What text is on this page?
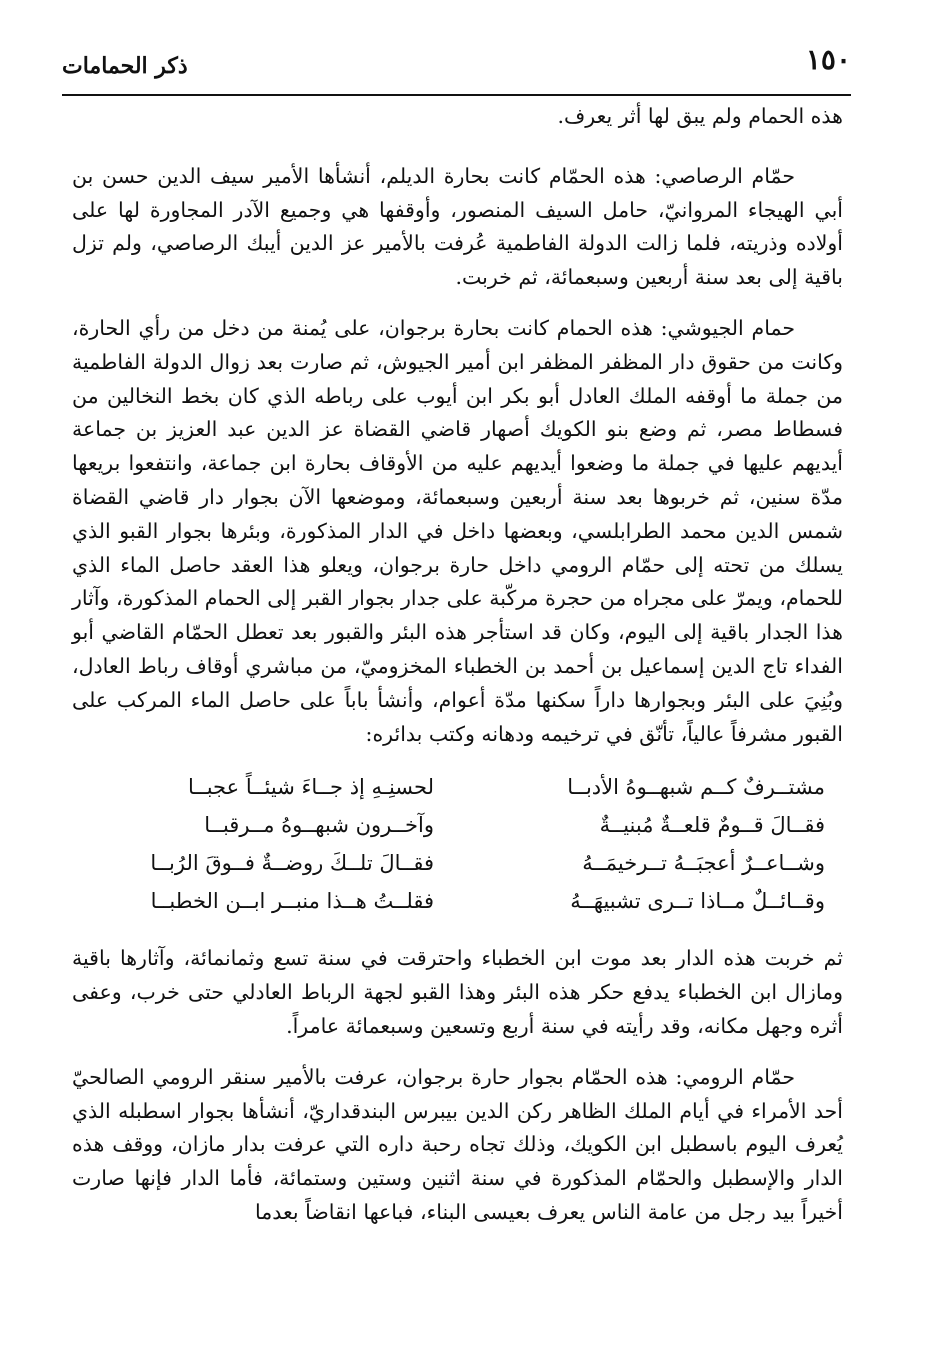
١٥٠
ذكر الحمامات

هذه الحمام ولم يبق لها أثر يعرف.

حمّام الرصاصي: هذه الحمّام كانت بحارة الديلم، أنشأها الأمير سيف الدين حسن بن أبي الهيجاء المروانيّ، حامل السيف المنصور، وأوقفها هي وجميع الآدر المجاورة لها على أولاده وذريته، فلما زالت الدولة الفاطمية عُرفت بالأمير عز الدين أيبك الرصاصي، ولم تزل باقية إلى بعد سنة أربعين وسبعمائة، ثم خربت.

حمام الجيوشي: هذه الحمام كانت بحارة برجوان، على يُمنة من دخل من رأي الحارة، وكانت من حقوق دار المظفر المظفر ابن أمير الجيوش، ثم صارت بعد زوال الدولة الفاطمية من جملة ما أوقفه الملك العادل أبو بكر ابن أيوب على رباطه الذي كان بخط النخالين من فسطاط مصر، ثم وضع بنو الكويك أصهار قاضي القضاة عز الدين عبد العزيز بن جماعة أيديهم عليها في جملة ما وضعوا أيديهم عليه من الأوقاف بحارة ابن جماعة، وانتفعوا بريعها مدّة سنين، ثم خربوها بعد سنة أربعين وسبعمائة، وموضعها الآن بجوار دار قاضي القضاة شمس الدين محمد الطرابلسي، وبعضها داخل في الدار المذكورة، وبئرها بجوار القبو الذي يسلك من تحته إلى حمّام الرومي داخل حارة برجوان، ويعلو هذا العقد حاصل الماء الذي للحمام، ويمرّ على مجراه من حجرة مركّبة على جدار بجوار القبر إلى الحمام المذكورة، وآثار هذا الجدار باقية إلى اليوم، وكان قد استأجر هذه البئر والقبور بعد تعطل الحمّام القاضي أبو الفداء تاج الدين إسماعيل بن أحمد بن الخطباء المخزوميّ، من مباشري أوقاف رباط العادل، وبُنِيَ على البئر وبجوارها داراً سكنها مدّة أعوام، وأنشأ باباً على حاصل الماء المركب على القبور مشرفاً عالياً، تأنّق في ترخيمه ودهانه وكتب بدائره:

مشتــرفٌ كــم شبهــوهُ الأدبــا
لحسنِـهِ إذ جــاءَ شيئــاً عجبــا
فقــالَ قــومٌ قلعــةٌ مُبنيــةٌ
وآخــرون شبهــوهُ مــرقبــا
وشــاعــرٌ أعجبَــهُ تــرخيمَــهُ
فقــالَ تلــكَ روضــةٌ فــوقَ الرُبــا
وقــائــلٌ مــاذا تــرى تشبيهَــهُ
فقلــتُ هــذا منبــر ابــن الخطبــا

ثم خربت هذه الدار بعد موت ابن الخطباء واحترقت في سنة تسع وثمانمائة، وآثارها باقية ومازال ابن الخطباء يدفع حكر هذه البئر وهذا القبو لجهة الرباط العادلي حتى خرب، وعفى أثره وجهل مكانه، وقد رأيته في سنة أربع وتسعين وسبعمائة عامراً.

حمّام الرومي: هذه الحمّام بجوار حارة برجوان، عرفت بالأمير سنقر الرومي الصالحيّ أحد الأمراء في أيام الملك الظاهر ركن الدين بيبرس البندقداريّ، أنشأها بجوار اسطبله الذي يُعرف اليوم باسطبل ابن الكويك، وذلك تجاه رحبة داره التي عرفت بدار مازان، ووقف هذه الدار والإسطبل والحمّام المذكورة في سنة اثنين وستين وستمائة، فأما الدار فإنها صارت أخيراً بيد رجل من عامة الناس يعرف بعيسى البناء، فباعها انقاضاً بعدما
